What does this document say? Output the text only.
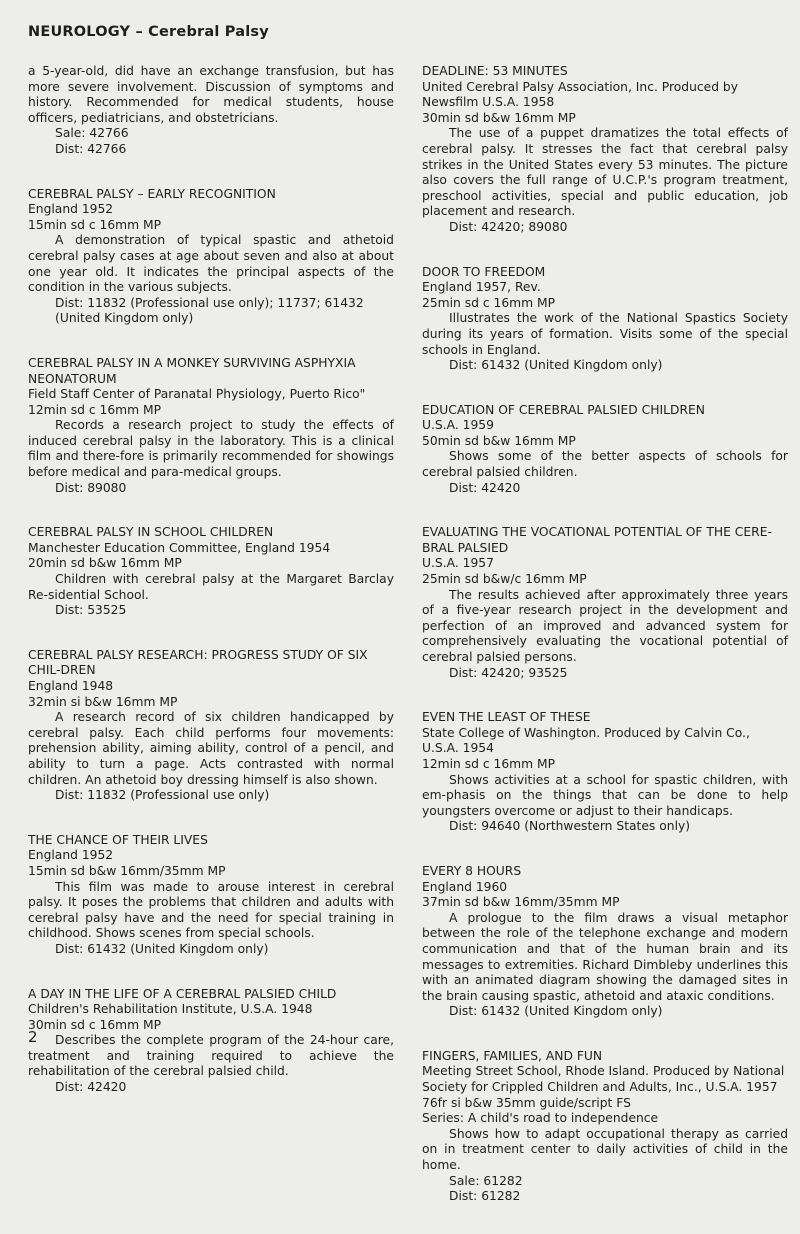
NEUROLOGY – Cerebral Palsy
a 5-year-old, did have an exchange transfusion, but has more severe involvement. Discussion of symptoms and history. Recommended for medical students, house officers, pediatricians, and obstetricians.
Sale: 42766
Dist: 42766
CEREBRAL PALSY – EARLY RECOGNITION
England 1952
15min sd c 16mm MP
A demonstration of typical spastic and athetoid cerebral palsy cases at age about seven and also at about one year old. It indicates the principal aspects of the condition in the various subjects.
Dist: 11832 (Professional use only); 11737; 61432 (United Kingdom only)
CEREBRAL PALSY IN A MONKEY SURVIVING ASPHYXIA NEONATORUM
Field Staff Center of Paranatal Physiology, Puerto Rico"
12min sd c 16mm MP
Records a research project to study the effects of induced cerebral palsy in the laboratory. This is a clinical film and there-fore is primarily recommended for showings before medical and para-medical groups.
Dist: 89080
CEREBRAL PALSY IN SCHOOL CHILDREN
Manchester Education Committee, England 1954
20min sd b&w 16mm MP
Children with cerebral palsy at the Margaret Barclay Re-sidential School.
Dist: 53525
CEREBRAL PALSY RESEARCH: PROGRESS STUDY OF SIX CHIL-DREN
England 1948
32min si b&w 16mm MP
A research record of six children handicapped by cerebral palsy. Each child performs four movements: prehension ability, aiming ability, control of a pencil, and ability to turn a page. Acts contrasted with normal children. An athetoid boy dressing himself is also shown.
Dist: 11832 (Professional use only)
THE CHANCE OF THEIR LIVES
England 1952
15min sd b&w 16mm/35mm MP
This film was made to arouse interest in cerebral palsy. It poses the problems that children and adults with cerebral palsy have and the need for special training in childhood. Shows scenes from special schools.
Dist: 61432 (United Kingdom only)
A DAY IN THE LIFE OF A CEREBRAL PALSIED CHILD
Children's Rehabilitation Institute, U.S.A. 1948
30min sd c 16mm MP
Describes the complete program of the 24-hour care, treatment and training required to achieve the rehabilitation of the cerebral palsied child.
Dist: 42420
DEADLINE: 53 MINUTES
United Cerebral Palsy Association, Inc. Produced by Newsfilm U.S.A. 1958
30min sd b&w 16mm MP
The use of a puppet dramatizes the total effects of cerebral palsy. It stresses the fact that cerebral palsy strikes in the United States every 53 minutes. The picture also covers the full range of U.C.P.'s program treatment, preschool activities, special and public education, job placement and research.
Dist: 42420; 89080
DOOR TO FREEDOM
England 1957, Rev.
25min sd c 16mm MP
Illustrates the work of the National Spastics Society during its years of formation. Visits some of the special schools in England.
Dist: 61432 (United Kingdom only)
EDUCATION OF CEREBRAL PALSIED CHILDREN
U.S.A. 1959
50min sd b&w 16mm MP
Shows some of the better aspects of schools for cerebral palsied children.
Dist: 42420
EVALUATING THE VOCATIONAL POTENTIAL OF THE CERE-BRAL PALSIED
U.S.A. 1957
25min sd b&w/c 16mm MP
The results achieved after approximately three years of a five-year research project in the development and perfection of an improved and advanced system for comprehensively evaluating the vocational potential of cerebral palsied persons.
Dist: 42420; 93525
EVEN THE LEAST OF THESE
State College of Washington. Produced by Calvin Co., U.S.A. 1954
12min sd c 16mm MP
Shows activities at a school for spastic children, with em-phasis on the things that can be done to help youngsters overcome or adjust to their handicaps.
Dist: 94640 (Northwestern States only)
EVERY 8 HOURS
England 1960
37min sd b&w 16mm/35mm MP
A prologue to the film draws a visual metaphor between the role of the telephone exchange and modern communication and that of the human brain and its messages to extremities. Richard Dimbleby underlines this with an animated diagram showing the damaged sites in the brain causing spastic, athetoid and ataxic conditions.
Dist: 61432 (United Kingdom only)
FINGERS, FAMILIES, AND FUN
Meeting Street School, Rhode Island. Produced by National Society for Crippled Children and Adults, Inc., U.S.A. 1957
76fr si b&w 35mm guide/script FS
Series: A child's road to independence
Shows how to adapt occupational therapy as carried on in treatment center to daily activities of child in the home.
Sale: 61282
Dist: 61282
2
